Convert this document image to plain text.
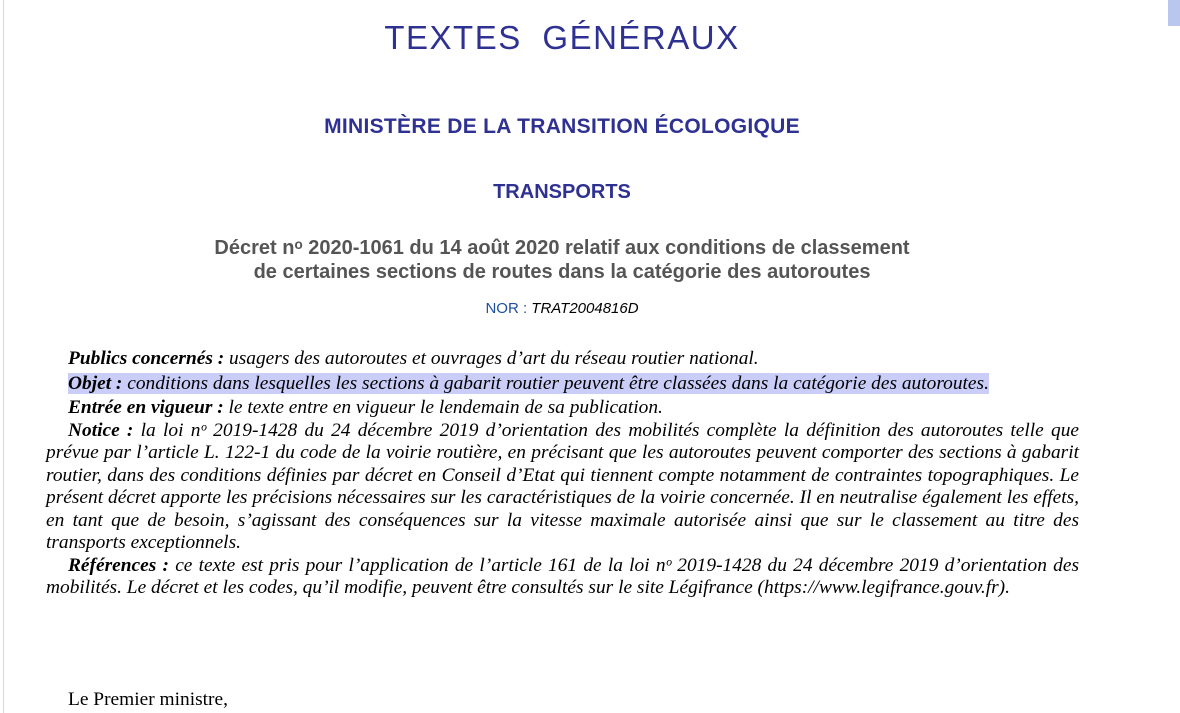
TEXTES GÉNÉRAUX
MINISTÈRE DE LA TRANSITION ÉCOLOGIQUE
TRANSPORTS
Décret nᵒ 2020-1061 du 14 août 2020 relatif aux conditions de classement
de certaines sections de routes dans la catégorie des autoroutes
NOR : TRAT2004816D

Publics concernés : usagers des autoroutes et ouvrages d’art du réseau routier national.

Objet : conditions dans lesquelles les sections à gabarit routier peuvent être classées dans la catégorie des autoroutes.

Entrée en vigueur : le texte entre en vigueur le lendemain de sa publication.

Notice : la loi nᵒ 2019-1428 du 24 décembre 2019 d’orientation des mobilités complète la définition des autoroutes telle que prévue par l’article L. 122-1 du code de la voirie routière, en précisant que les autoroutes peuvent comporter des sections à gabarit routier, dans des conditions définies par décret en Conseil d’Etat qui tiennent compte notamment de contraintes topographiques. Le présent décret apporte les précisions nécessaires sur les caractéristiques de la voirie concernée. Il en neutralise également les effets, en tant que de besoin, s’agissant des conséquences sur la vitesse maximale autorisée ainsi que sur le classement au titre des transports exceptionnels.

Références : ce texte est pris pour l’application de l’article 161 de la loi nᵒ 2019-1428 du 24 décembre 2019 d’orientation des mobilités. Le décret et les codes, qu’il modifie, peuvent être consultés sur le site Légifrance (https://www.legifrance.gouv.fr).

Le Premier ministre,
